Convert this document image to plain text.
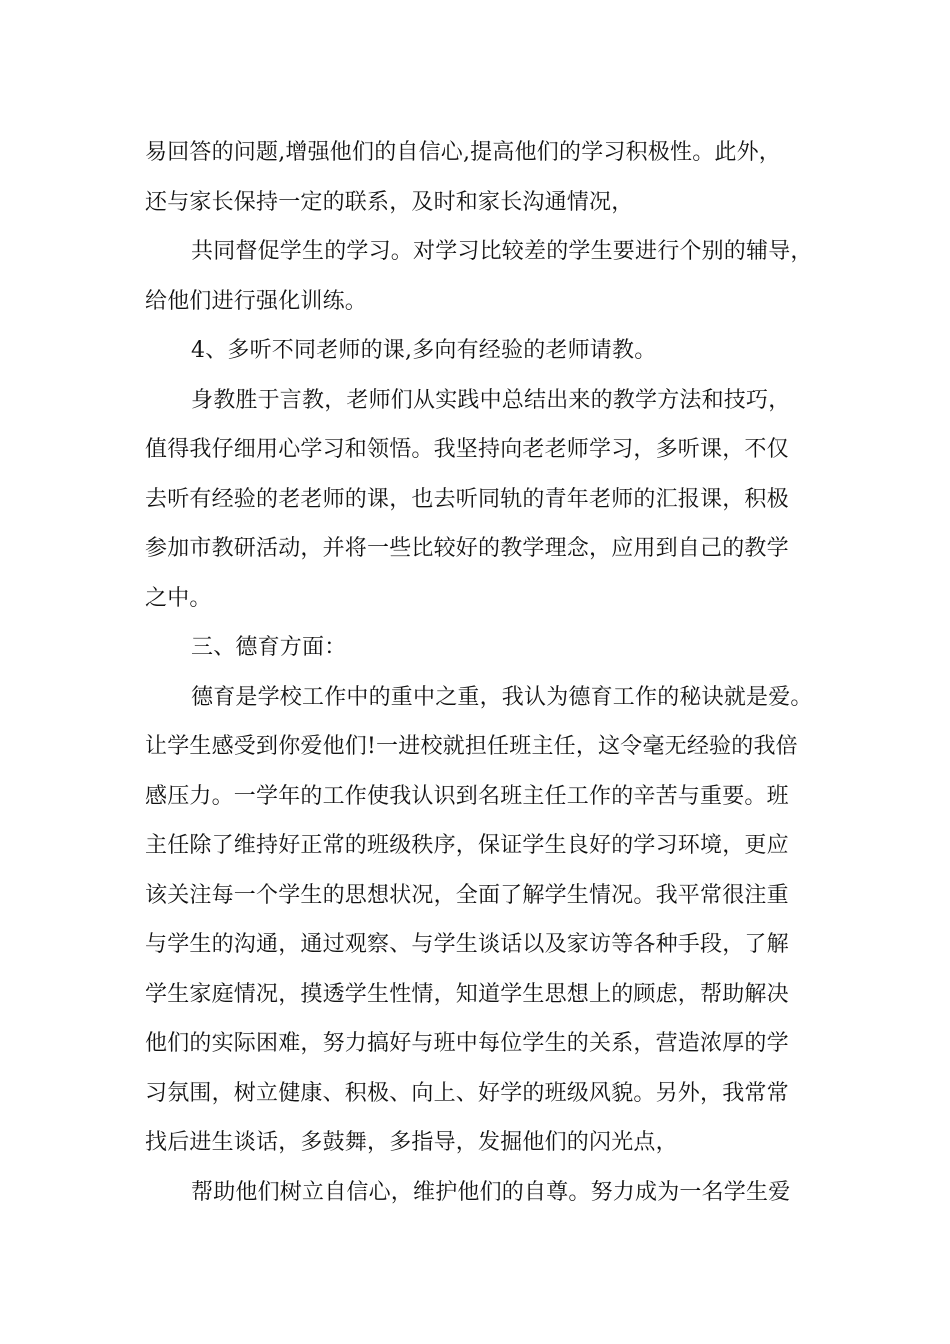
易回答的问题,增强他们的自信心,提高他们的学习积极性。此外，
还与家长保持一定的联系，及时和家长沟通情况，
共同督促学生的学习。对学习比较差的学生要进行个别的辅导，
给他们进行强化训练。
4、多听不同老师的课,多向有经验的老师请教。
身教胜于言教，老师们从实践中总结出来的教学方法和技巧，
值得我仔细用心学习和领悟。我坚持向老老师学习，多听课，不仅
去听有经验的老老师的课，也去听同轨的青年老师的汇报课，积极
参加市教研活动，并将一些比较好的教学理念，应用到自己的教学
之中。
三、德育方面：
德育是学校工作中的重中之重，我认为德育工作的秘诀就是爱。
让学生感受到你爱他们!一进校就担任班主任，这令毫无经验的我倍
感压力。一学年的工作使我认识到名班主任工作的辛苦与重要。班
主任除了维持好正常的班级秩序，保证学生良好的学习环境，更应
该关注每一个学生的思想状况，全面了解学生情况。我平常很注重
与学生的沟通，通过观察、与学生谈话以及家访等各种手段，了解
学生家庭情况，摸透学生性情，知道学生思想上的顾虑，帮助解决
他们的实际困难，努力搞好与班中每位学生的关系，营造浓厚的学
习氛围，树立健康、积极、向上、好学的班级风貌。另外，我常常
找后进生谈话，多鼓舞，多指导，发掘他们的闪光点，
帮助他们树立自信心，维护他们的自尊。努力成为一名学生爱
